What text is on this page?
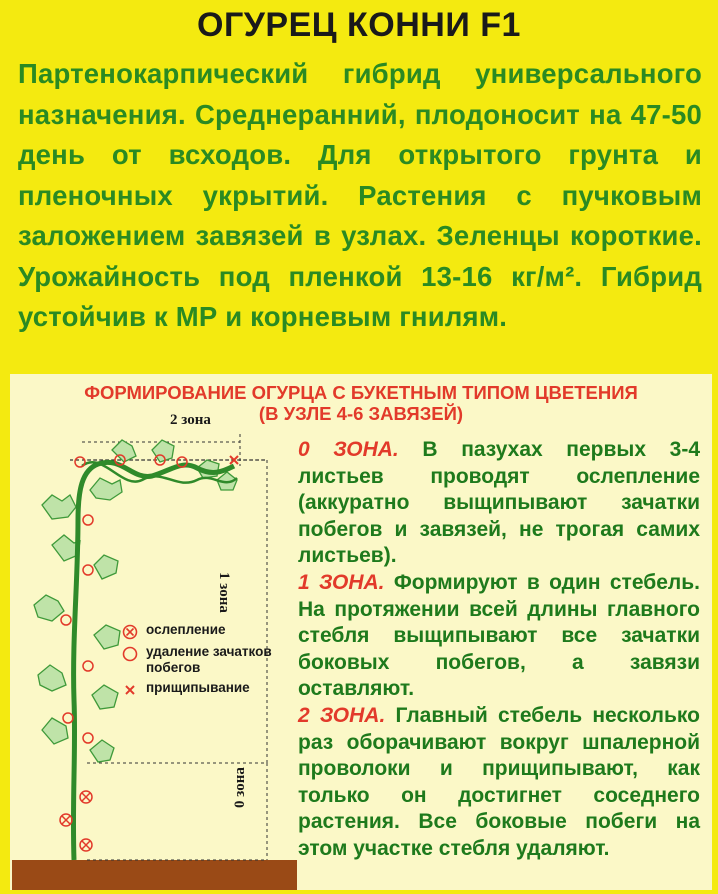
ОГУРЕЦ КОННИ F1
Партенокарпический гибрид универсального назначения. Среднеранний, плодоносит на 47-50 день от всходов. Для открытого грунта и пленочных укрытий. Растения с пучковым заложением завязей в узлах. Зеленцы короткие. Урожайность под пленкой 13-16 кг/м². Гибрид устойчив к МР и корневым гнилям.
ФОРМИРОВАНИЕ ОГУРЦА С БУКЕТНЫМ ТИПОМ ЦВЕТЕНИЯ
(В УЗЛЕ 4-6 ЗАВЯЗЕЙ)
0 ЗОНА. В пазухах первых 3-4 листьев проводят ослепление (аккуратно выщипывают зачатки побегов и завязей, не трогая самих листьев).
1 ЗОНА. Формируют в один стебель. На протяжении всей длины главного стебля выщипывают все зачатки боковых побегов, а завязи оставляют.
2 ЗОНА. Главный стебель несколько раз оборачивают вокруг шпалерной проволоки и прищипывают, как только он достигнет соседнего растения. Все боковые побеги на этом участке стебля удаляют.
2 зона
1 зона
0 зона
ослепление
удаление зачатков побегов
прищипывание
